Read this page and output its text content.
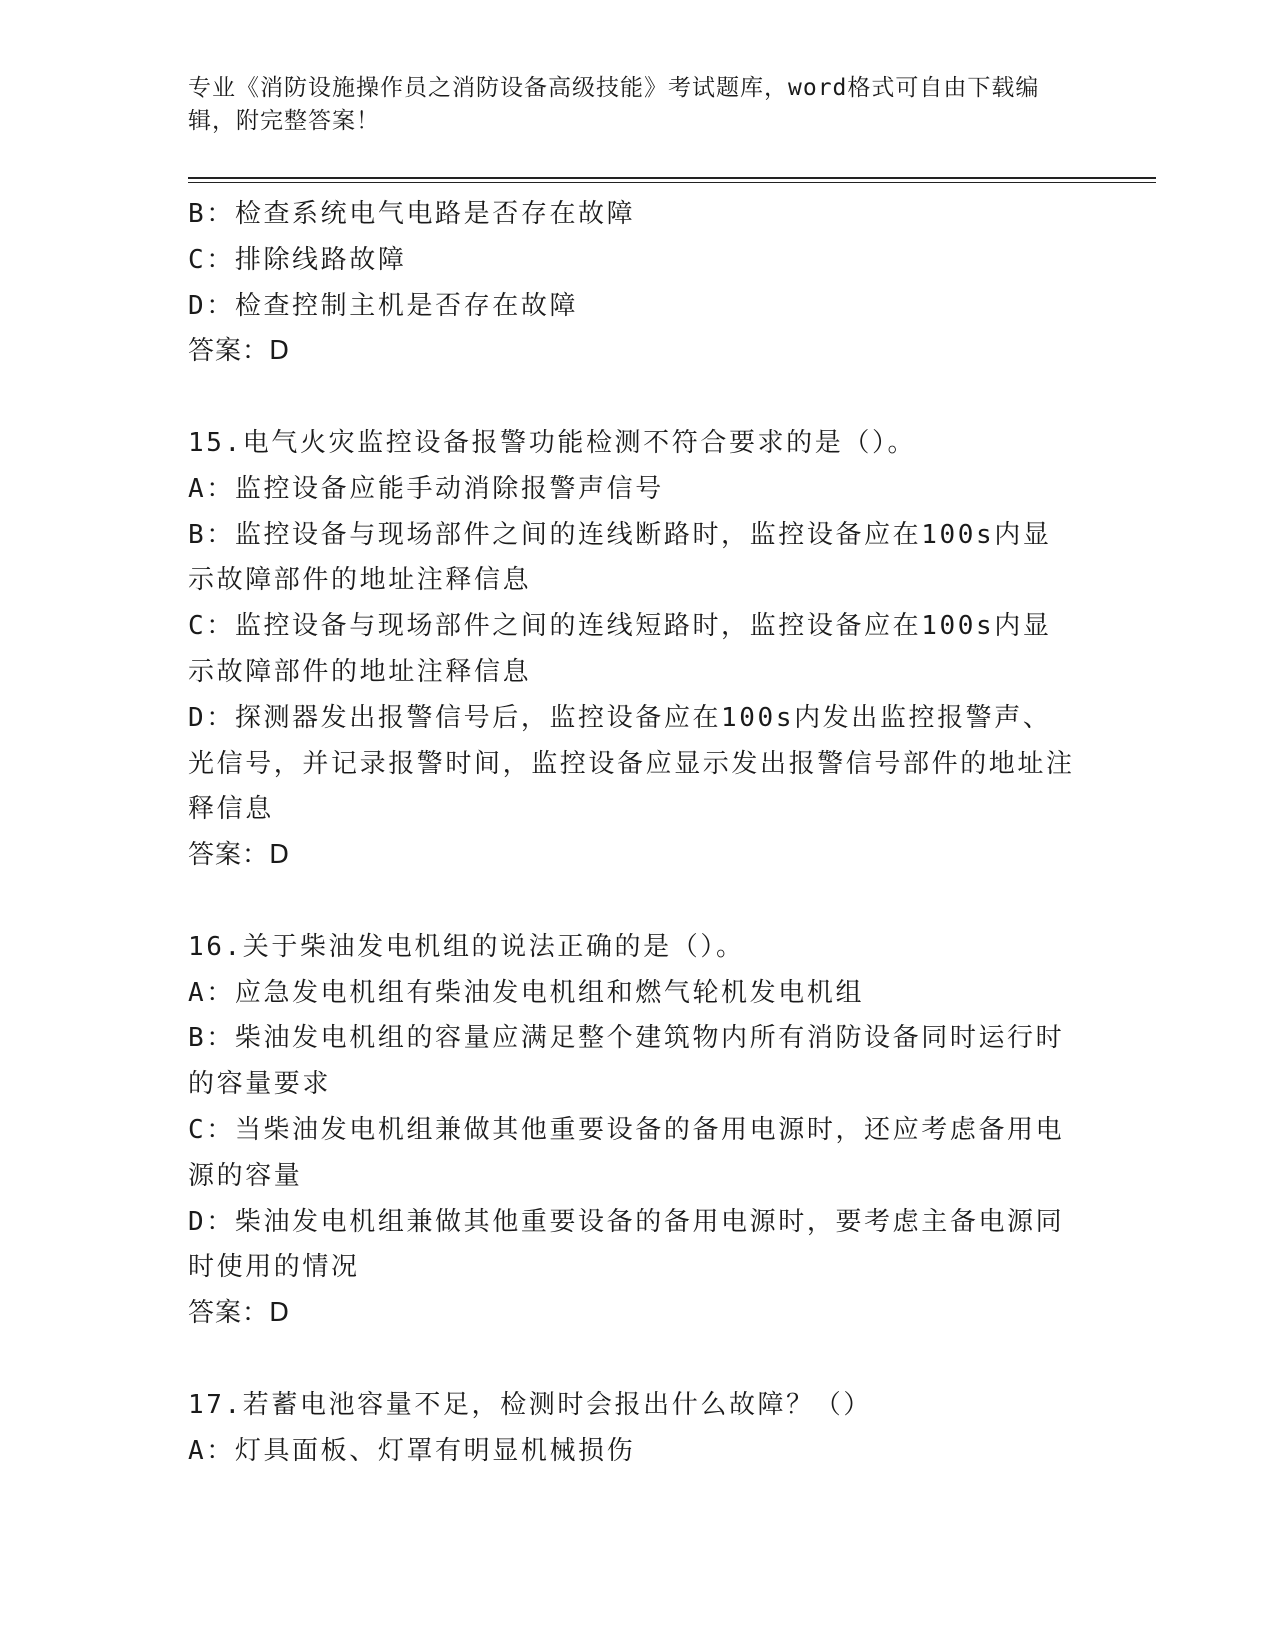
专业《消防设施操作员之消防设备高级技能》考试题库，word格式可自由下载编辑，附完整答案！

B：检查系统电气电路是否存在故障

C：排除线路故障

D：检查控制主机是否存在故障

答案：D

15.电气火灾监控设备报警功能检测不符合要求的是（）。

A：监控设备应能手动消除报警声信号

B：监控设备与现场部件之间的连线断路时，监控设备应在100s内显示故障部件的地址注释信息

C：监控设备与现场部件之间的连线短路时，监控设备应在100s内显示故障部件的地址注释信息

D：探测器发出报警信号后，监控设备应在100s内发出监控报警声、光信号，并记录报警时间，监控设备应显示发出报警信号部件的地址注释信息

答案：D

16.关于柴油发电机组的说法正确的是（）。

A：应急发电机组有柴油发电机组和燃气轮机发电机组

B：柴油发电机组的容量应满足整个建筑物内所有消防设备同时运行时的容量要求

C：当柴油发电机组兼做其他重要设备的备用电源时，还应考虑备用电源的容量

D：柴油发电机组兼做其他重要设备的备用电源时，要考虑主备电源同时使用的情况

答案：D

17.若蓄电池容量不足，检测时会报出什么故障？（）

A：灯具面板、灯罩有明显机械损伤
